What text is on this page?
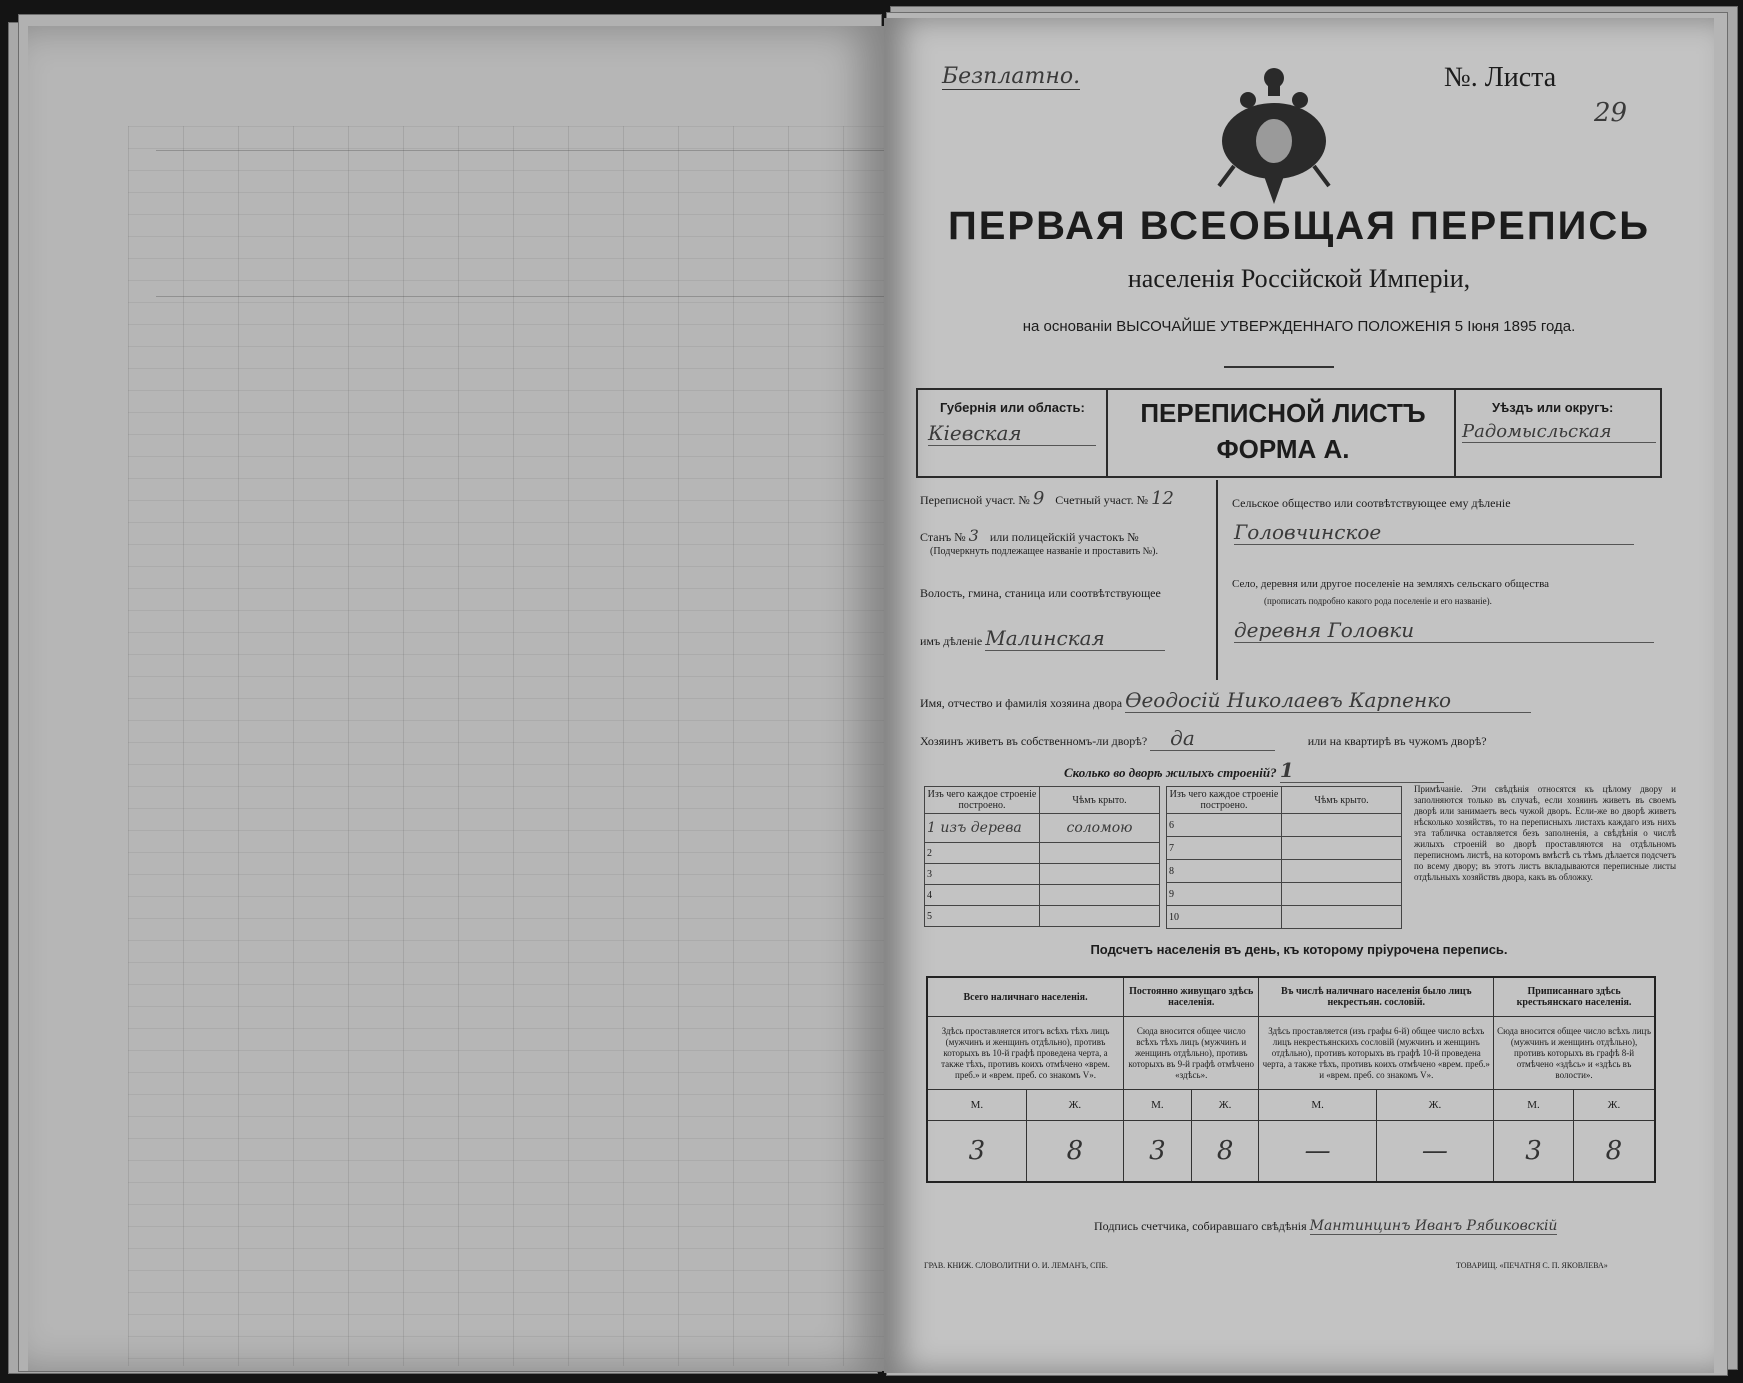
Безплатно.	№. Листа
29
ПЕРВАЯ ВСЕОБЩАЯ ПЕРЕПИСЬ
населенія Россійской Имперіи,
на основаніи ВЫСОЧАЙШЕ УТВЕРЖДЕННАГО ПОЛОЖЕНІЯ 5 Іюня 1895 года.
Губернія или область:
Кіевская
ПЕРЕПИСНОЙ ЛИСТЪ
ФОРМА А.
Уѣздъ или округъ:
Радомысльская
Переписной участ. № 9 Счетный участ. № 12
Станъ № 3 или полицейскій участокъ №
(Подчеркнуть подлежащее названіе и проставить №).
Волость, гмина, станица или соотвѣтствующее
имъ дѣленіе Малинская
Сельское общество или соотвѣтствующее ему дѣленіе
Головчинское
Село, деревня или другое поселеніе на земляхъ сельскаго общества
(прописать подробно какого рода поселеніе и его названіе).
деревня Головки
Имя, отчество и фамилія хозяина двора Ѳеодосій Николаевъ Карпенко
Хозяинъ живетъ въ собственномъ-ли дворѣ? да	или на квартирѣ въ чужомъ дворѣ?
Сколько во дворѣ жилыхъ строеній? 1
Изъ чего каждое строеніе построено.	Чѣмъ крыто.
1 изъ дерева	соломою
2	
3	
4	
5	
Изъ чего каждое строеніе построено.	Чѣмъ крыто.
6	
7	
8	
9	
10	
Примѣчаніе. Эти свѣдѣнія относятся къ цѣлому двору и заполняются только въ случаѣ, если хозяинъ живетъ въ своемъ дворѣ или занимаетъ весь чужой дворъ. Если-же во дворѣ живетъ нѣсколько хозяйствъ, то на переписныхъ листахъ каждаго изъ нихъ эта табличка оставляется безъ заполненія, а свѣдѣнія о числѣ жилыхъ строеній во дворѣ проставляются на отдѣльномъ переписномъ листѣ, на которомъ вмѣстѣ съ тѣмъ дѣлается подсчетъ по всему двору; въ этотъ листъ вкладываются переписные листы отдѣльныхъ хозяйствъ двора, какъ въ обложку.
Подсчетъ населенія въ день, къ которому пріурочена перепись.
Всего наличнаго населенія.		Постоянно живущаго здѣсь населенія.		Въ числѣ наличнаго населенія было лицъ некрестьян. сословій.		Приписаннаго здѣсь крестьянскаго населенія.	
Здѣсь проставляется итогъ всѣхъ тѣхъ лицъ (мужчинъ и женщинъ отдѣльно), противъ которыхъ въ 10-й графѣ проведена черта, а также тѣхъ, противъ коихъ отмѣчено «врем. преб.» и «врем. преб. со знакомъ V».		Сюда вносится общее число всѣхъ тѣхъ лицъ (мужчинъ и женщинъ отдѣльно), противъ которыхъ въ 9-й графѣ отмѣчено «здѣсь».		Здѣсь проставляется (изъ графы 6-й) общее число всѣхъ лицъ некрестьянскихъ сословій (мужчинъ и женщинъ отдѣльно), противъ которыхъ въ графѣ 10-й проведена черта, а также тѣхъ, противъ коихъ отмѣчено «врем. преб.» и «врем. преб. со знакомъ V».		Сюда вносится общее число всѣхъ лицъ (мужчинъ и женщинъ отдѣльно), противъ которыхъ въ графѣ 8-й отмѣчено «здѣсь» и «здѣсь въ волости».	
М.	Ж.	М.	Ж.	М.	Ж.	М.	Ж.
3	8	3	8	—	—	3	8
Подпись счетчика, собиравшаго свѣдѣнія Мантинцинъ Иванъ Рябиковскій
ГРАВ. КНИЖ. СЛОВОЛИТНИ О. И. ЛЕМАНЪ, СПБ.	ТОВАРИЩ. «ПЕЧАТНЯ С. П. ЯКОВЛЕВА»
